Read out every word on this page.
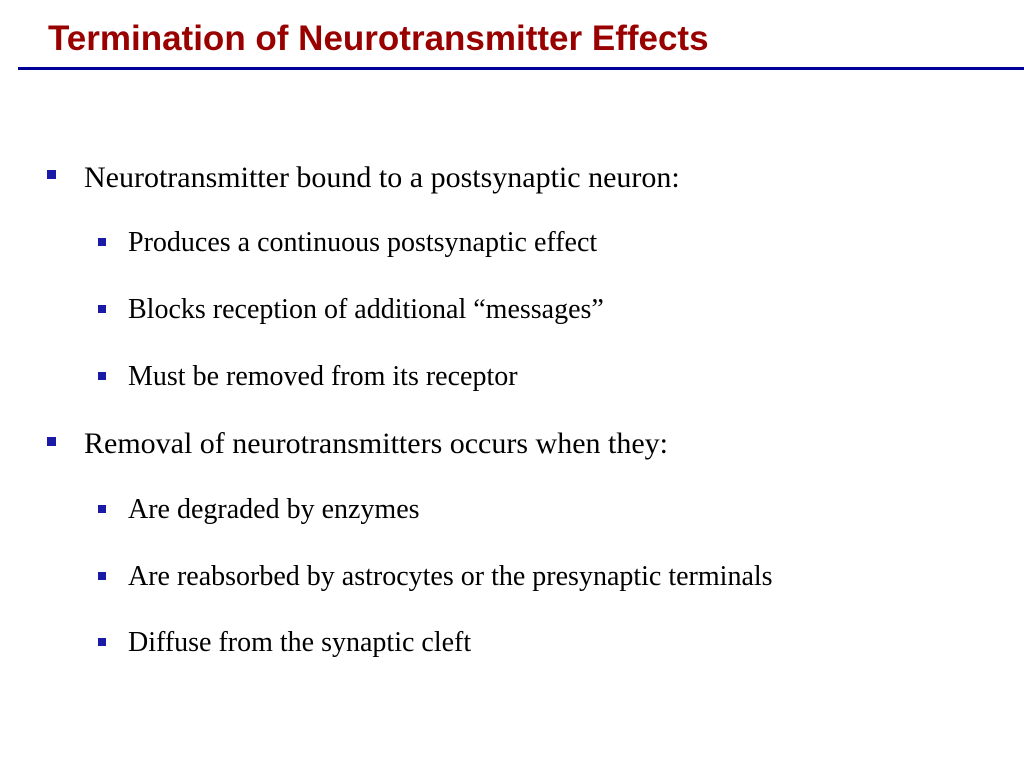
Termination of Neurotransmitter Effects
Neurotransmitter bound to a postsynaptic neuron:
Produces a continuous postsynaptic effect
Blocks reception of additional “messages”
Must be removed from its receptor
Removal of neurotransmitters occurs when they:
Are degraded by enzymes
Are reabsorbed by astrocytes or the presynaptic terminals
Diffuse from the synaptic cleft
